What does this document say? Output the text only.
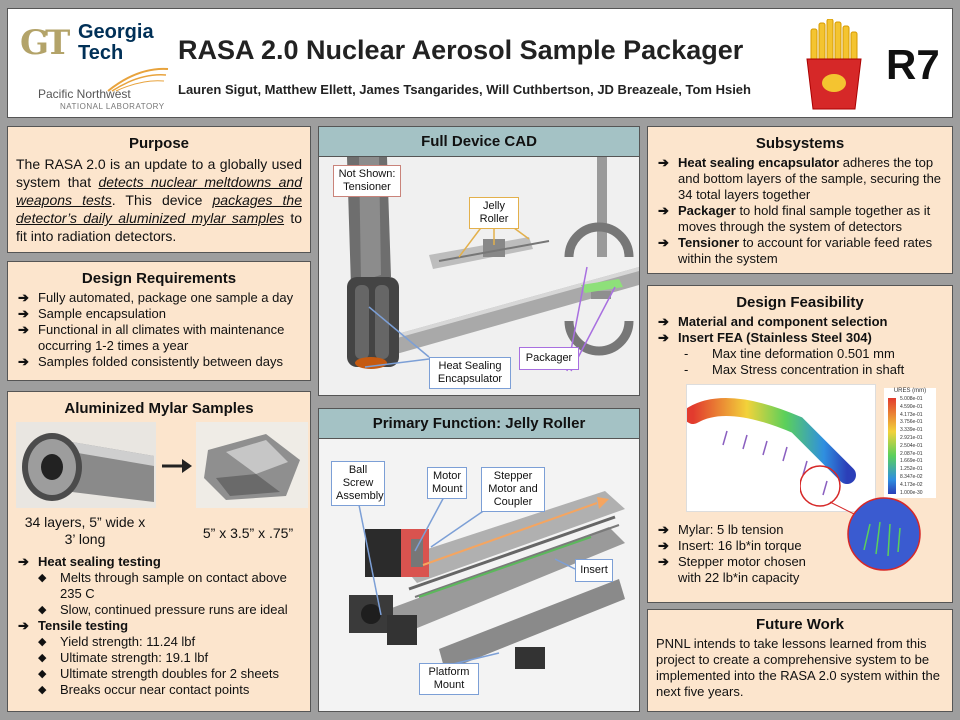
GT Georgia
Tech
Pacific Northwest
NATIONAL LABORATORY
RASA 2.0 Nuclear Aerosol Sample Packager
Lauren Sigut, Matthew Ellett, James Tsangarides, Will Cuthbertson, JD Breazeale, Tom Hsieh
R7
Purpose
The RASA 2.0 is an update to a globally used system that detects nuclear meltdowns and weapons tests. This device packages the detector’s daily aluminized mylar samples to fit into radiation detectors.
Design Requirements
➔ Fully automated, package one sample a day
➔ Sample encapsulation
➔ Functional in all climates with maintenance occurring 1-2 times a year
➔ Samples folded consistently between days
Aluminized Mylar Samples
34 layers, 5” wide x 3’ long	5” x 3.5” x .75”
➔ Heat sealing testing
◆ Melts through sample on contact above 235 C
◆ Slow, continued pressure runs are ideal
➔ Tensile testing
◆ Yield strength: 11.24 lbf
◆ Ultimate strength: 19.1 lbf
◆ Ultimate strength doubles for 2 sheets
◆ Breaks occur near contact points
Full Device CAD
Not Shown: Tensioner
Jelly Roller
Packager
Heat Sealing Encapsulator
Primary Function: Jelly Roller
Ball Screw Assembly
Motor Mount
Stepper Motor and Coupler
Insert
Platform Mount
Subsystems
➔ Heat sealing encapsulator adheres the top and bottom layers of the sample, securing the 34 total layers together
➔ Packager to hold final sample together as it moves through the system of detectors
➔ Tensioner to account for variable feed rates within the system
Design Feasibility
➔ Material and component selection
➔ Insert FEA (Stainless Steel 304)
- Max tine deformation 0.501 mm
- Max Stress concentration in shaft
URES (mm)
5.008e-01
4.590e-01
4.173e-01
3.756e-01
3.339e-01
2.921e-01
2.504e-01
2.087e-01
1.669e-01
1.252e-01
8.347e-02
4.173e-02
1.000e-30
➔ Mylar: 5 lb tension
➔ Insert: 16 lb*in torque
➔ Stepper motor chosen with 22 lb*in capacity
Future Work
PNNL intends to take lessons learned from this project to create a comprehensive system to be implemented into the RASA 2.0 system within the next five years.
